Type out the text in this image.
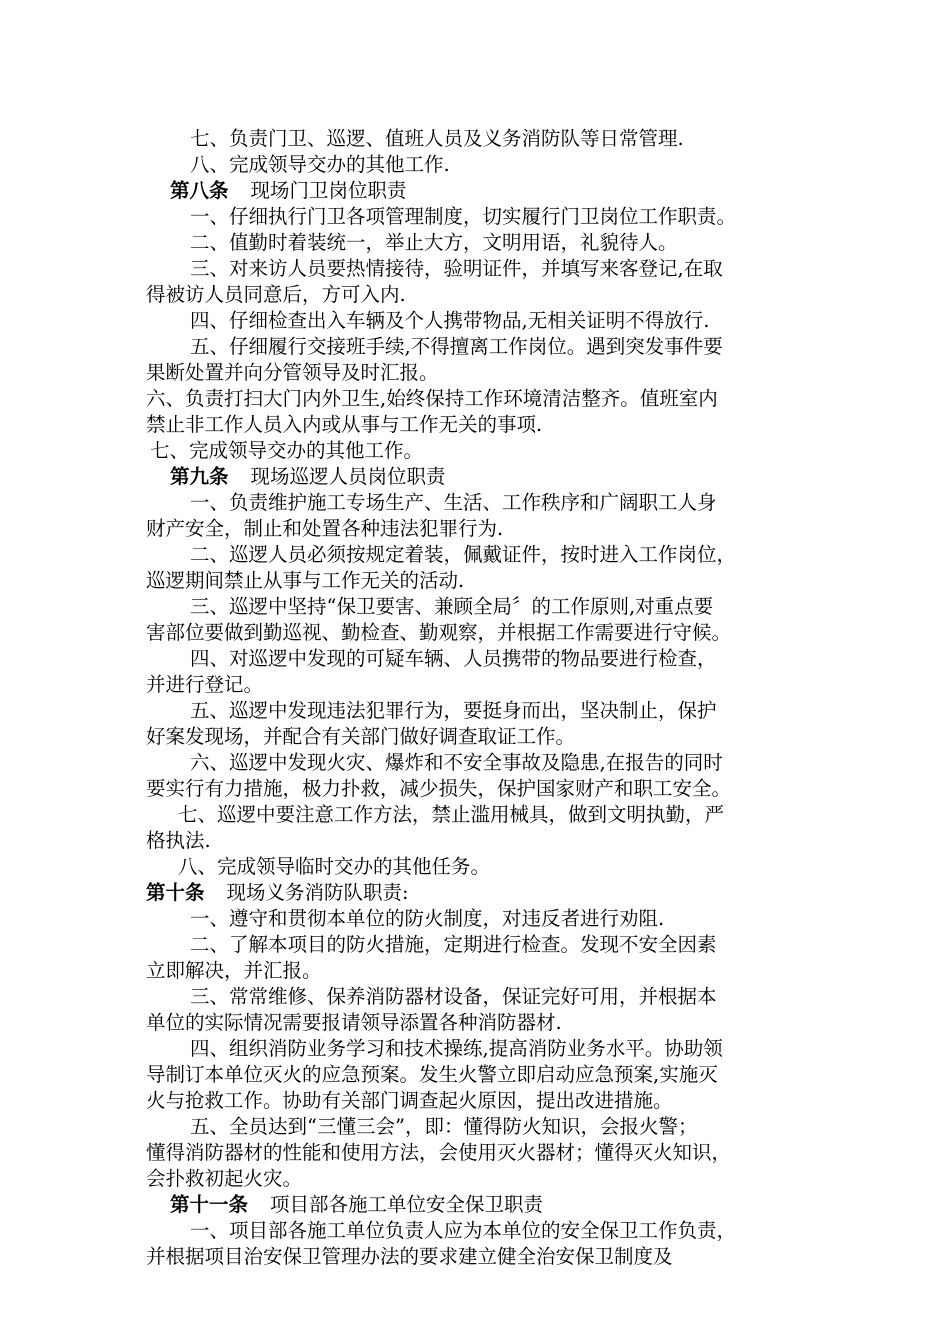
七、负责门卫、巡逻、值班人员及义务消防队等日常管理.
八、完成领导交办的其他工作.
第八条 现场门卫岗位职责
一、仔细执行门卫各项管理制度，切实履行门卫岗位工作职责。
二、值勤时着装统一，举止大方，文明用语，礼貌待人。
三、对来访人员要热情接待，验明证件，并填写来客登记,在取
得被访人员同意后，方可入内.
四、仔细检查出入车辆及个人携带物品,无相关证明不得放行.
五、仔细履行交接班手续,不得擅离工作岗位。遇到突发事件要
果断处置并向分管领导及时汇报。
六、负责打扫大门内外卫生,始终保持工作环境清洁整齐。值班室内
禁止非工作人员入内或从事与工作无关的事项.
七、完成领导交办的其他工作。
第九条 现场巡逻人员岗位职责
一、负责维护施工专场生产、生活、工作秩序和广阔职工人身
财产安全，制止和处置各种违法犯罪行为.
二、巡逻人员必须按规定着装，佩戴证件，按时进入工作岗位，
巡逻期间禁止从事与工作无关的活动.
三、巡逻中坚持“保卫要害、兼顾全局〞的工作原则,对重点要
害部位要做到勤巡视、勤检查、勤观察，并根据工作需要进行守候。
四、对巡逻中发现的可疑车辆、人员携带的物品要进行检查，
并进行登记。
五、巡逻中发现违法犯罪行为，要挺身而出，坚决制止，保护
好案发现场，并配合有关部门做好调查取证工作。
六、巡逻中发现火灾、爆炸和不安全事故及隐患,在报告的同时
要实行有力措施，极力扑救，减少损失，保护国家财产和职工安全。
七、巡逻中要注意工作方法，禁止滥用械具，做到文明执勤，严
格执法.
八、完成领导临时交办的其他任务。
第十条 现场义务消防队职责:
一、遵守和贯彻本单位的防火制度，对违反者进行劝阻.
二、了解本项目的防火措施，定期进行检查。发现不安全因素
立即解决，并汇报。
三、常常维修、保养消防器材设备，保证完好可用，并根据本
单位的实际情况需要报请领导添置各种消防器材.
四、组织消防业务学习和技术操练,提高消防业务水平。协助领
导制订本单位灭火的应急预案。发生火警立即启动应急预案,实施灭
火与抢救工作。协助有关部门调查起火原因，提出改进措施。
五、全员达到“三懂三会”，即：懂得防火知识，会报火警；
懂得消防器材的性能和使用方法，会使用灭火器材；懂得灭火知识，
会扑救初起火灾。
第十一条 项目部各施工单位安全保卫职责
一、项目部各施工单位负责人应为本单位的安全保卫工作负责，
并根据项目治安保卫管理办法的要求建立健全治安保卫制度及
